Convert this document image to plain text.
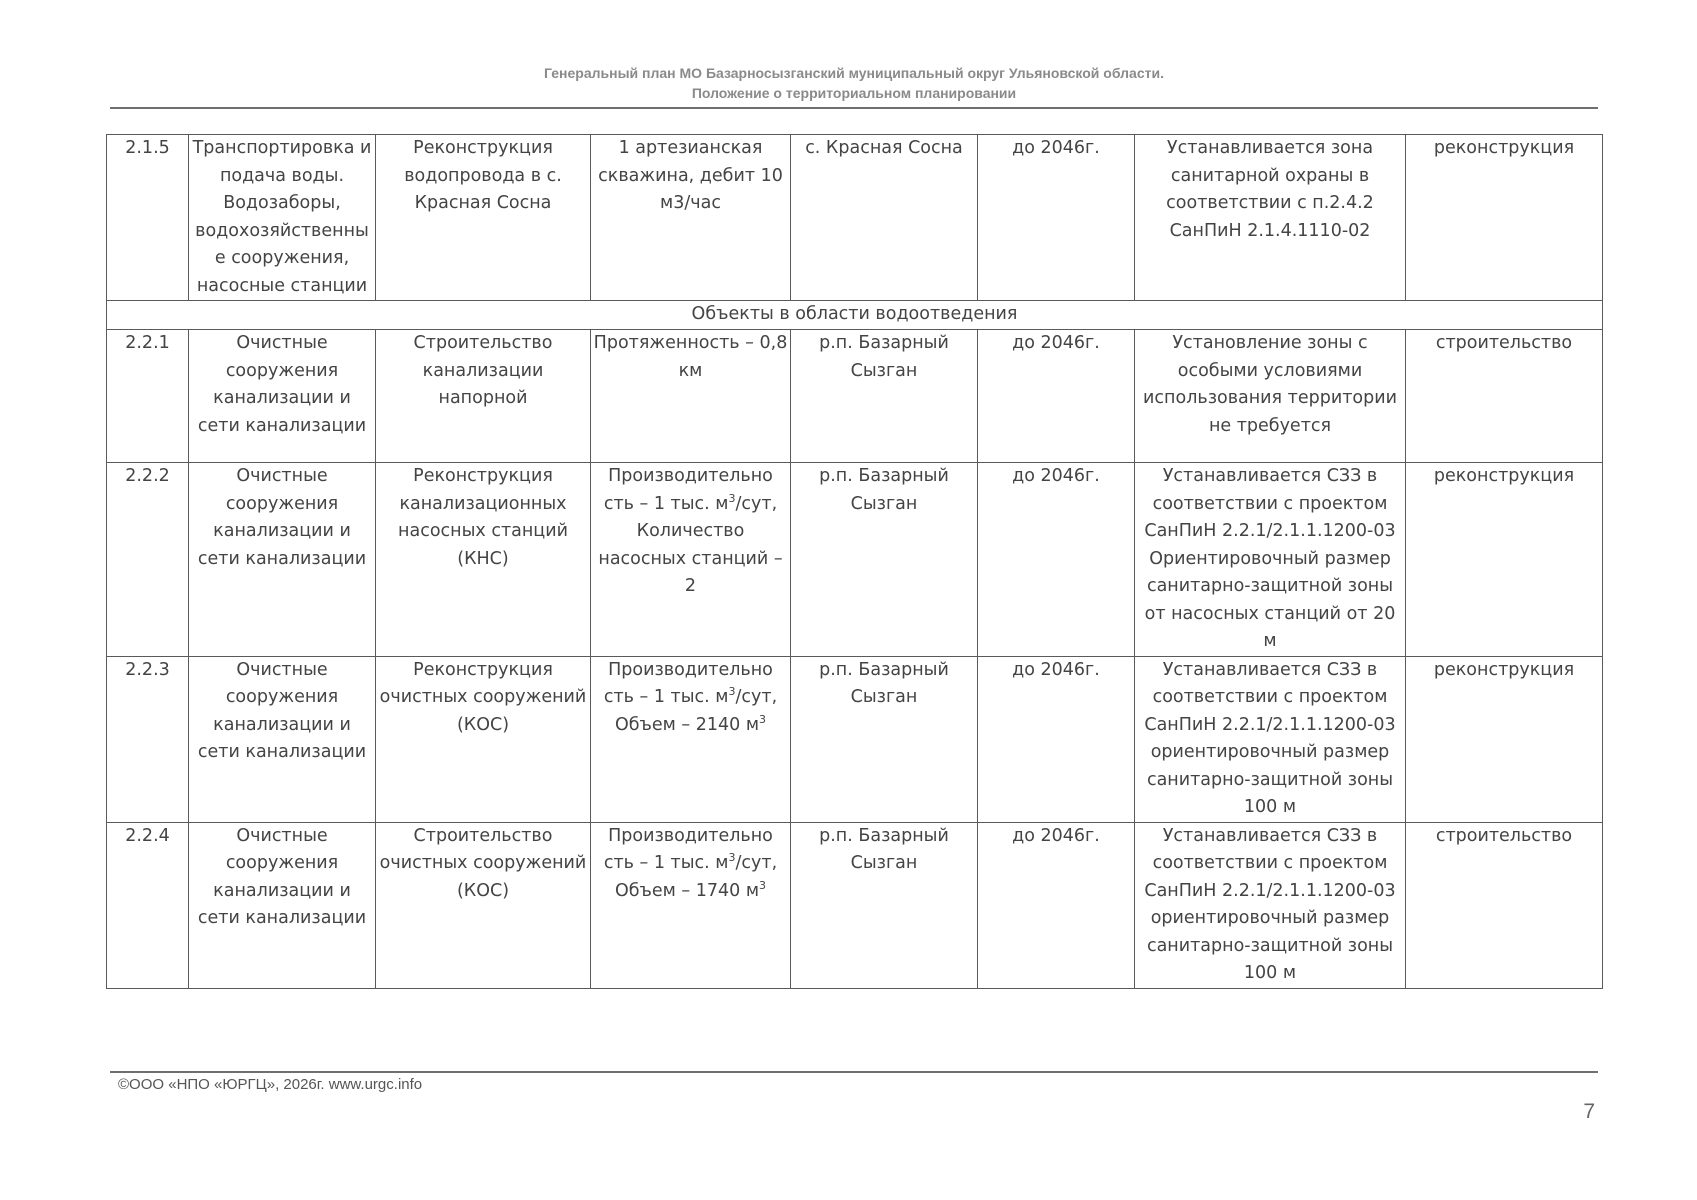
Генеральный план МО Базарносызганский муниципальный округ Ульяновской области.
Положение о территориальном планировании
2.1.5	Транспортировка и подача воды. Водозаборы, водохозяйственные сооружения, насосные станции	Реконструкция водопровода в с. Красная Сосна	1 артезианская скважина, дебит 10 м3/час	с. Красная Сосна	до 2046г.	Устанавливается зона санитарной охраны в соответствии с п.2.4.2 СанПиН 2.1.4.1110-02	реконструкция
Объекты в области водоотведения							
2.2.1	Очистные сооружения канализации и сети канализации	Строительство канализации напорной	Протяженность – 0,8 км	р.п. Базарный Сызган	до 2046г.	Установление зоны с особыми условиями использования территории не требуется	строительство
2.2.2	Очистные сооружения канализации и сети канализации	Реконструкция канализационных насосных станций (КНС)	Производительно сть – 1 тыс. $м^3$/сут, Количество насосных станций – 2	р.п. Базарный Сызган	до 2046г.	Устанавливается СЗЗ в соответствии с проектом СанПиН 2.2.1/2.1.1.1200-03 Ориентировочный размер санитарно-защитной зоны от насосных станций от 20 м	реконструкция
2.2.3	Очистные сооружения канализации и сети канализации	Реконструкция очистных сооружений (КОС)	Производительно сть – 1 тыс. $м^3$/сут, Объем – 2140 $м^3$	р.п. Базарный Сызган	до 2046г.	Устанавливается СЗЗ в соответствии с проектом СанПиН 2.2.1/2.1.1.1200-03 ориентировочный размер санитарно-защитной зоны 100 м	реконструкция
2.2.4	Очистные сооружения канализации и сети канализации	Строительство очистных сооружений (КОС)	Производительно сть – 1 тыс. $м^3$/сут, Объем – 1740 $м^3$	р.п. Базарный Сызган	до 2046г.	Устанавливается СЗЗ в соответствии с проектом СанПиН 2.2.1/2.1.1.1200-03 ориентировочный размер санитарно-защитной зоны 100 м	строительство
©ООО «НПО «ЮРГЦ», 2026г. www.urgc.info
7
